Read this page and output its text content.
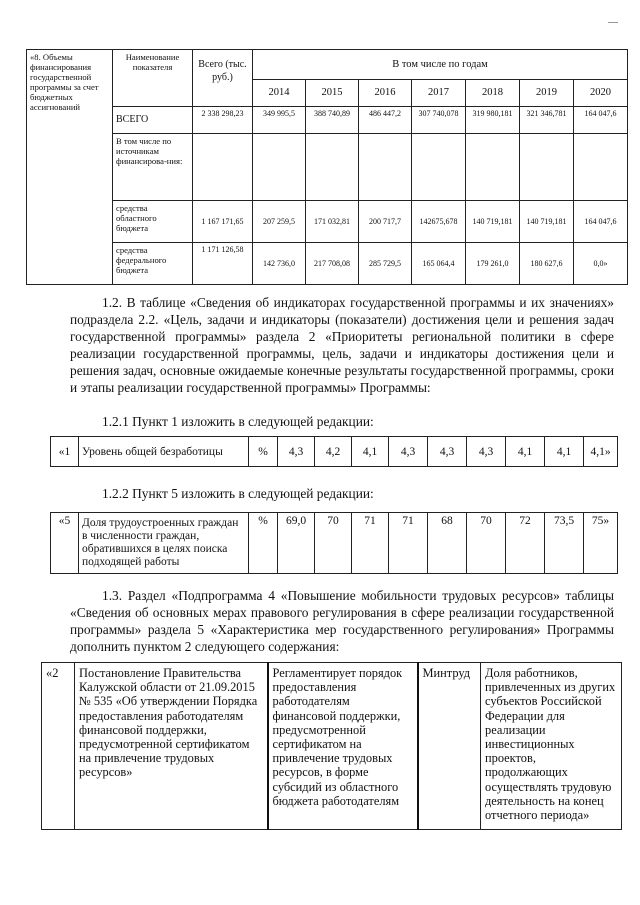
«8. Объемы финансирования государственной программы за счет бюджетных ассигнований	Наименование показателя	Всего (тыс. руб.)	В том числе по годам						
			2014	2015	2016	2017	2018	2019	2020
	ВСЕГО	2 338 298,23	349 995,5	388 740,89	486 447,2	307 740,078	319 980,181	321 346,781	164 047,6
	В том числе по источникам финансирова-ния:								
	средства областного бюджета	1 167 171,65	207 259,5	171 032,81	200 717,7	142675,678	140 719,181	140 719,181	164 047,6
	средства федерального бюджета	1 171 126,58	142 736,0	217 708,08	285 729,5	165 064,4	179 261,0	180 627,6	0,0»

1.2. В таблице «Сведения об индикаторах государственной программы и их значениях» подраздела 2.2. «Цель, задачи и индикаторы (показатели) достижения цели и решения задач государственной программы» раздела 2 «Приоритеты региональной политики в сфере реализации государственной программы, цель, задачи и индикаторы достижения цели и решения задач, основные ожидаемые конечные результаты государственной программы, сроки и этапы реализации государственной программы» Программы:

1.2.1 Пункт 1 изложить в следующей редакции:

«1	Уровень общей безработицы	%	4,3	4,2	4,1	4,3	4,3	4,3	4,1	4,1	4,1»

1.2.2 Пункт 5 изложить в следующей редакции:

«5	Доля трудоустроенных граждан в численности граждан, обратившихся в целях поиска подходящей работы	%	69,0	70	71	71	68	70	72	73,5	75»

1.3. Раздел «Подпрограмма 4 «Повышение мобильности трудовых ресурсов» таблицы «Сведения об основных мерах правового регулирования в сфере реализации государственной программы» раздела 5 «Характеристика мер государственного регулирования» Программы дополнить пунктом 2 следующего содержания:

«2	Постановление Правительства Калужской области от 21.09.2015 № 535 «Об утверждении Порядка предоставления работодателям финансовой поддержки, предусмотренной сертификатом на привлечение трудовых ресурсов»	Регламентирует порядок предоставления работодателям финансовой поддержки, предусмотренной сертификатом на привлечение трудовых ресурсов, в форме субсидий из областного бюджета работодателям	Минтруд	Доля работников, привлеченных из других субъектов Российской Федерации для реализации инвестиционных проектов, продолжающих осуществлять трудовую деятельность на конец отчетного периода»
